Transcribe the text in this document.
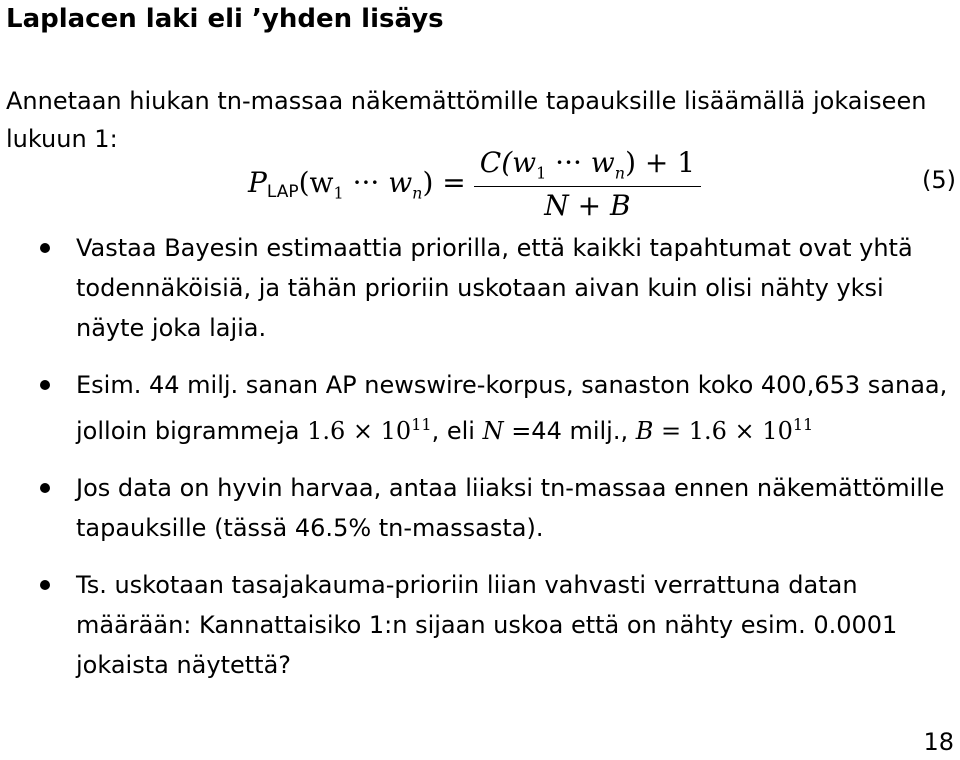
Laplacen laki eli ’yhden lisäys

Annetaan hiukan tn-massaa näkemättömille tapauksille lisäämällä jokaiseen lukuun 1:

$PLAP(w_1$ ··· $w_n) = \frac{C(w_1 \cdot\cdot\cdot w_n) + 1}{N + B}$	(5)
Vastaa Bayesin estimaattia priorilla, että kaikki tapahtumat ovat yhtä todennäköisiä, ja tähän prioriin uskotaan aivan kuin olisi nähty yksi näyte joka lajia.
Esim. 44 milj. sanan AP newswire-korpus, sanaston koko 400,653 sanaa, jolloin bigrammeja $1.6 \times 10^{11}$, eli N =44 milj., $B = 1.6 \times 10^{11}$
Jos data on hyvin harvaa, antaa liiaksi tn-massaa ennen näkemättömille tapauksille (tässä 46.5% tn-massasta).
Ts. uskotaan tasajakauma-prioriin liian vahvasti verrattuna datan määrään: Kannattaisiko 1:n sijaan uskoa että on nähty esim. 0.0001 jokaista näytettä?
18
